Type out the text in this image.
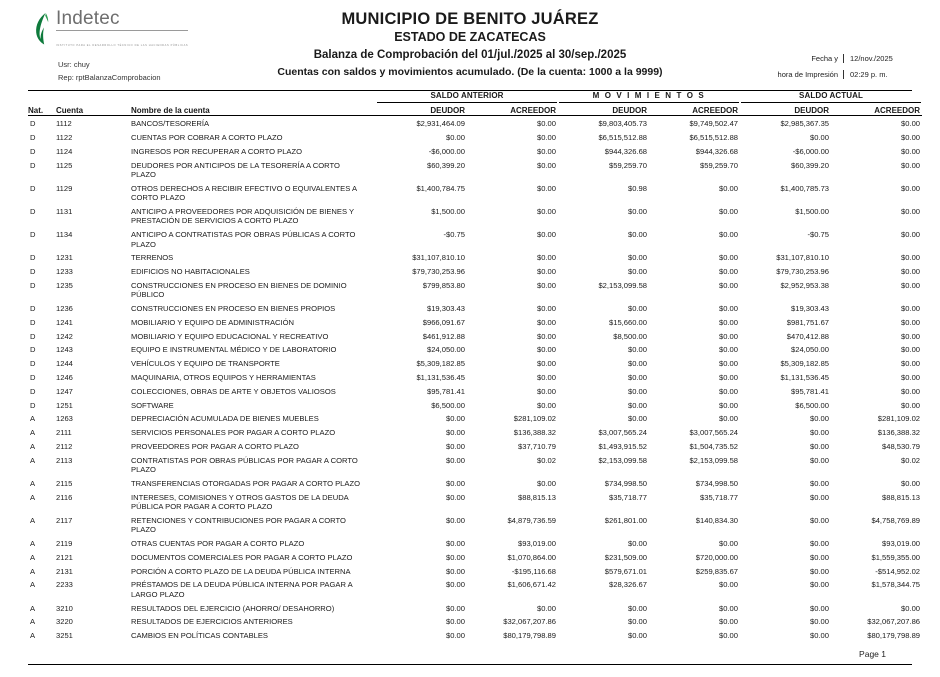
Indetec
INSTITUTO PARA EL DESARROLLO TÉCNICO DE LAS HACIENDAS PÚBLICAS
Usr: chuy
Rep: rptBalanzaComprobacion
MUNICIPIO DE BENITO JUÁREZ
ESTADO DE ZACATECAS
Balanza de Comprobación del 01/jul./2025 al 30/sep./2025
Cuentas con saldos y movimientos acumulado. (De la cuenta: 1000 a la 9999)
Fecha y	12/nov./2025
hora de Impresión	02:29 p. m.

			SALDO ANTERIOR		M O V I M I E N T O S		SALDO ACTUAL	

Nat.	Cuenta	Nombre de la cuenta	DEUDOR	ACREEDOR	DEUDOR	ACREEDOR	DEUDOR	ACREEDOR

D	1112	BANCOS/TESORERÍA	$2,931,464.09	$0.00	$9,803,405.73	$9,749,502.47	$2,985,367.35	$0.00
D	1122	CUENTAS POR COBRAR A CORTO PLAZO	$0.00	$0.00	$6,515,512.88	$6,515,512.88	$0.00	$0.00
D	1124	INGRESOS POR RECUPERAR A CORTO PLAZO	-$6,000.00	$0.00	$944,326.68	$944,326.68	-$6,000.00	$0.00
D	1125	DEUDORES POR ANTICIPOS DE LA TESORERÍA A CORTO PLAZO	$60,399.20	$0.00	$59,259.70	$59,259.70	$60,399.20	$0.00
D	1129	OTROS DERECHOS A RECIBIR EFECTIVO O EQUIVALENTES A CORTO PLAZO	$1,400,784.75	$0.00	$0.98	$0.00	$1,400,785.73	$0.00
D	1131	ANTICIPO A PROVEEDORES POR ADQUISICIÓN DE BIENES Y PRESTACIÓN DE SERVICIOS A CORTO PLAZO	$1,500.00	$0.00	$0.00	$0.00	$1,500.00	$0.00
D	1134	ANTICIPO A CONTRATISTAS POR OBRAS PÚBLICAS A CORTO PLAZO	-$0.75	$0.00	$0.00	$0.00	-$0.75	$0.00
D	1231	TERRENOS	$31,107,810.10	$0.00	$0.00	$0.00	$31,107,810.10	$0.00
D	1233	EDIFICIOS NO HABITACIONALES	$79,730,253.96	$0.00	$0.00	$0.00	$79,730,253.96	$0.00
D	1235	CONSTRUCCIONES EN PROCESO EN BIENES DE DOMINIO PÚBLICO	$799,853.80	$0.00	$2,153,099.58	$0.00	$2,952,953.38	$0.00
D	1236	CONSTRUCCIONES EN PROCESO EN BIENES PROPIOS	$19,303.43	$0.00	$0.00	$0.00	$19,303.43	$0.00
D	1241	MOBILIARIO Y EQUIPO DE ADMINISTRACIÓN	$966,091.67	$0.00	$15,660.00	$0.00	$981,751.67	$0.00
D	1242	MOBILIARIO Y EQUIPO EDUCACIONAL Y RECREATIVO	$461,912.88	$0.00	$8,500.00	$0.00	$470,412.88	$0.00
D	1243	EQUIPO E INSTRUMENTAL MÉDICO Y DE LABORATORIO	$24,050.00	$0.00	$0.00	$0.00	$24,050.00	$0.00
D	1244	VEHÍCULOS Y EQUIPO DE TRANSPORTE	$5,309,182.85	$0.00	$0.00	$0.00	$5,309,182.85	$0.00
D	1246	MAQUINARIA, OTROS EQUIPOS Y HERRAMIENTAS	$1,131,536.45	$0.00	$0.00	$0.00	$1,131,536.45	$0.00
D	1247	COLECCIONES, OBRAS DE ARTE Y OBJETOS VALIOSOS	$95,781.41	$0.00	$0.00	$0.00	$95,781.41	$0.00
D	1251	SOFTWARE	$6,500.00	$0.00	$0.00	$0.00	$6,500.00	$0.00
A	1263	DEPRECIACIÓN ACUMULADA DE BIENES MUEBLES	$0.00	$281,109.02	$0.00	$0.00	$0.00	$281,109.02
A	2111	SERVICIOS PERSONALES POR PAGAR A CORTO PLAZO	$0.00	$136,388.32	$3,007,565.24	$3,007,565.24	$0.00	$136,388.32
A	2112	PROVEEDORES POR PAGAR A CORTO PLAZO	$0.00	$37,710.79	$1,493,915.52	$1,504,735.52	$0.00	$48,530.79
A	2113	CONTRATISTAS POR OBRAS PÚBLICAS POR PAGAR A CORTO PLAZO	$0.00	$0.02	$2,153,099.58	$2,153,099.58	$0.00	$0.02
A	2115	TRANSFERENCIAS OTORGADAS POR PAGAR A CORTO PLAZO	$0.00	$0.00	$734,998.50	$734,998.50	$0.00	$0.00
A	2116	INTERESES, COMISIONES Y OTROS GASTOS DE LA DEUDA PÚBLICA POR PAGAR A CORTO PLAZO	$0.00	$88,815.13	$35,718.77	$35,718.77	$0.00	$88,815.13
A	2117	RETENCIONES Y CONTRIBUCIONES POR PAGAR A CORTO PLAZO	$0.00	$4,879,736.59	$261,801.00	$140,834.30	$0.00	$4,758,769.89
A	2119	OTRAS CUENTAS POR PAGAR A CORTO PLAZO	$0.00	$93,019.00	$0.00	$0.00	$0.00	$93,019.00
A	2121	DOCUMENTOS COMERCIALES POR PAGAR A CORTO PLAZO	$0.00	$1,070,864.00	$231,509.00	$720,000.00	$0.00	$1,559,355.00
A	2131	PORCIÓN A CORTO PLAZO DE LA DEUDA PÚBLICA INTERNA	$0.00	-$195,116.68	$579,671.01	$259,835.67	$0.00	-$514,952.02
A	2233	PRÉSTAMOS DE LA DEUDA PÚBLICA INTERNA POR PAGAR A LARGO PLAZO	$0.00	$1,606,671.42	$28,326.67	$0.00	$0.00	$1,578,344.75
A	3210	RESULTADOS DEL EJERCICIO (AHORRO/ DESAHORRO)	$0.00	$0.00	$0.00	$0.00	$0.00	$0.00
A	3220	RESULTADOS DE EJERCICIOS ANTERIORES	$0.00	$32,067,207.86	$0.00	$0.00	$0.00	$32,067,207.86
A	3251	CAMBIOS EN POLÍTICAS CONTABLES	$0.00	$80,179,798.89	$0.00	$0.00	$0.00	$80,179,798.89
Page 1
